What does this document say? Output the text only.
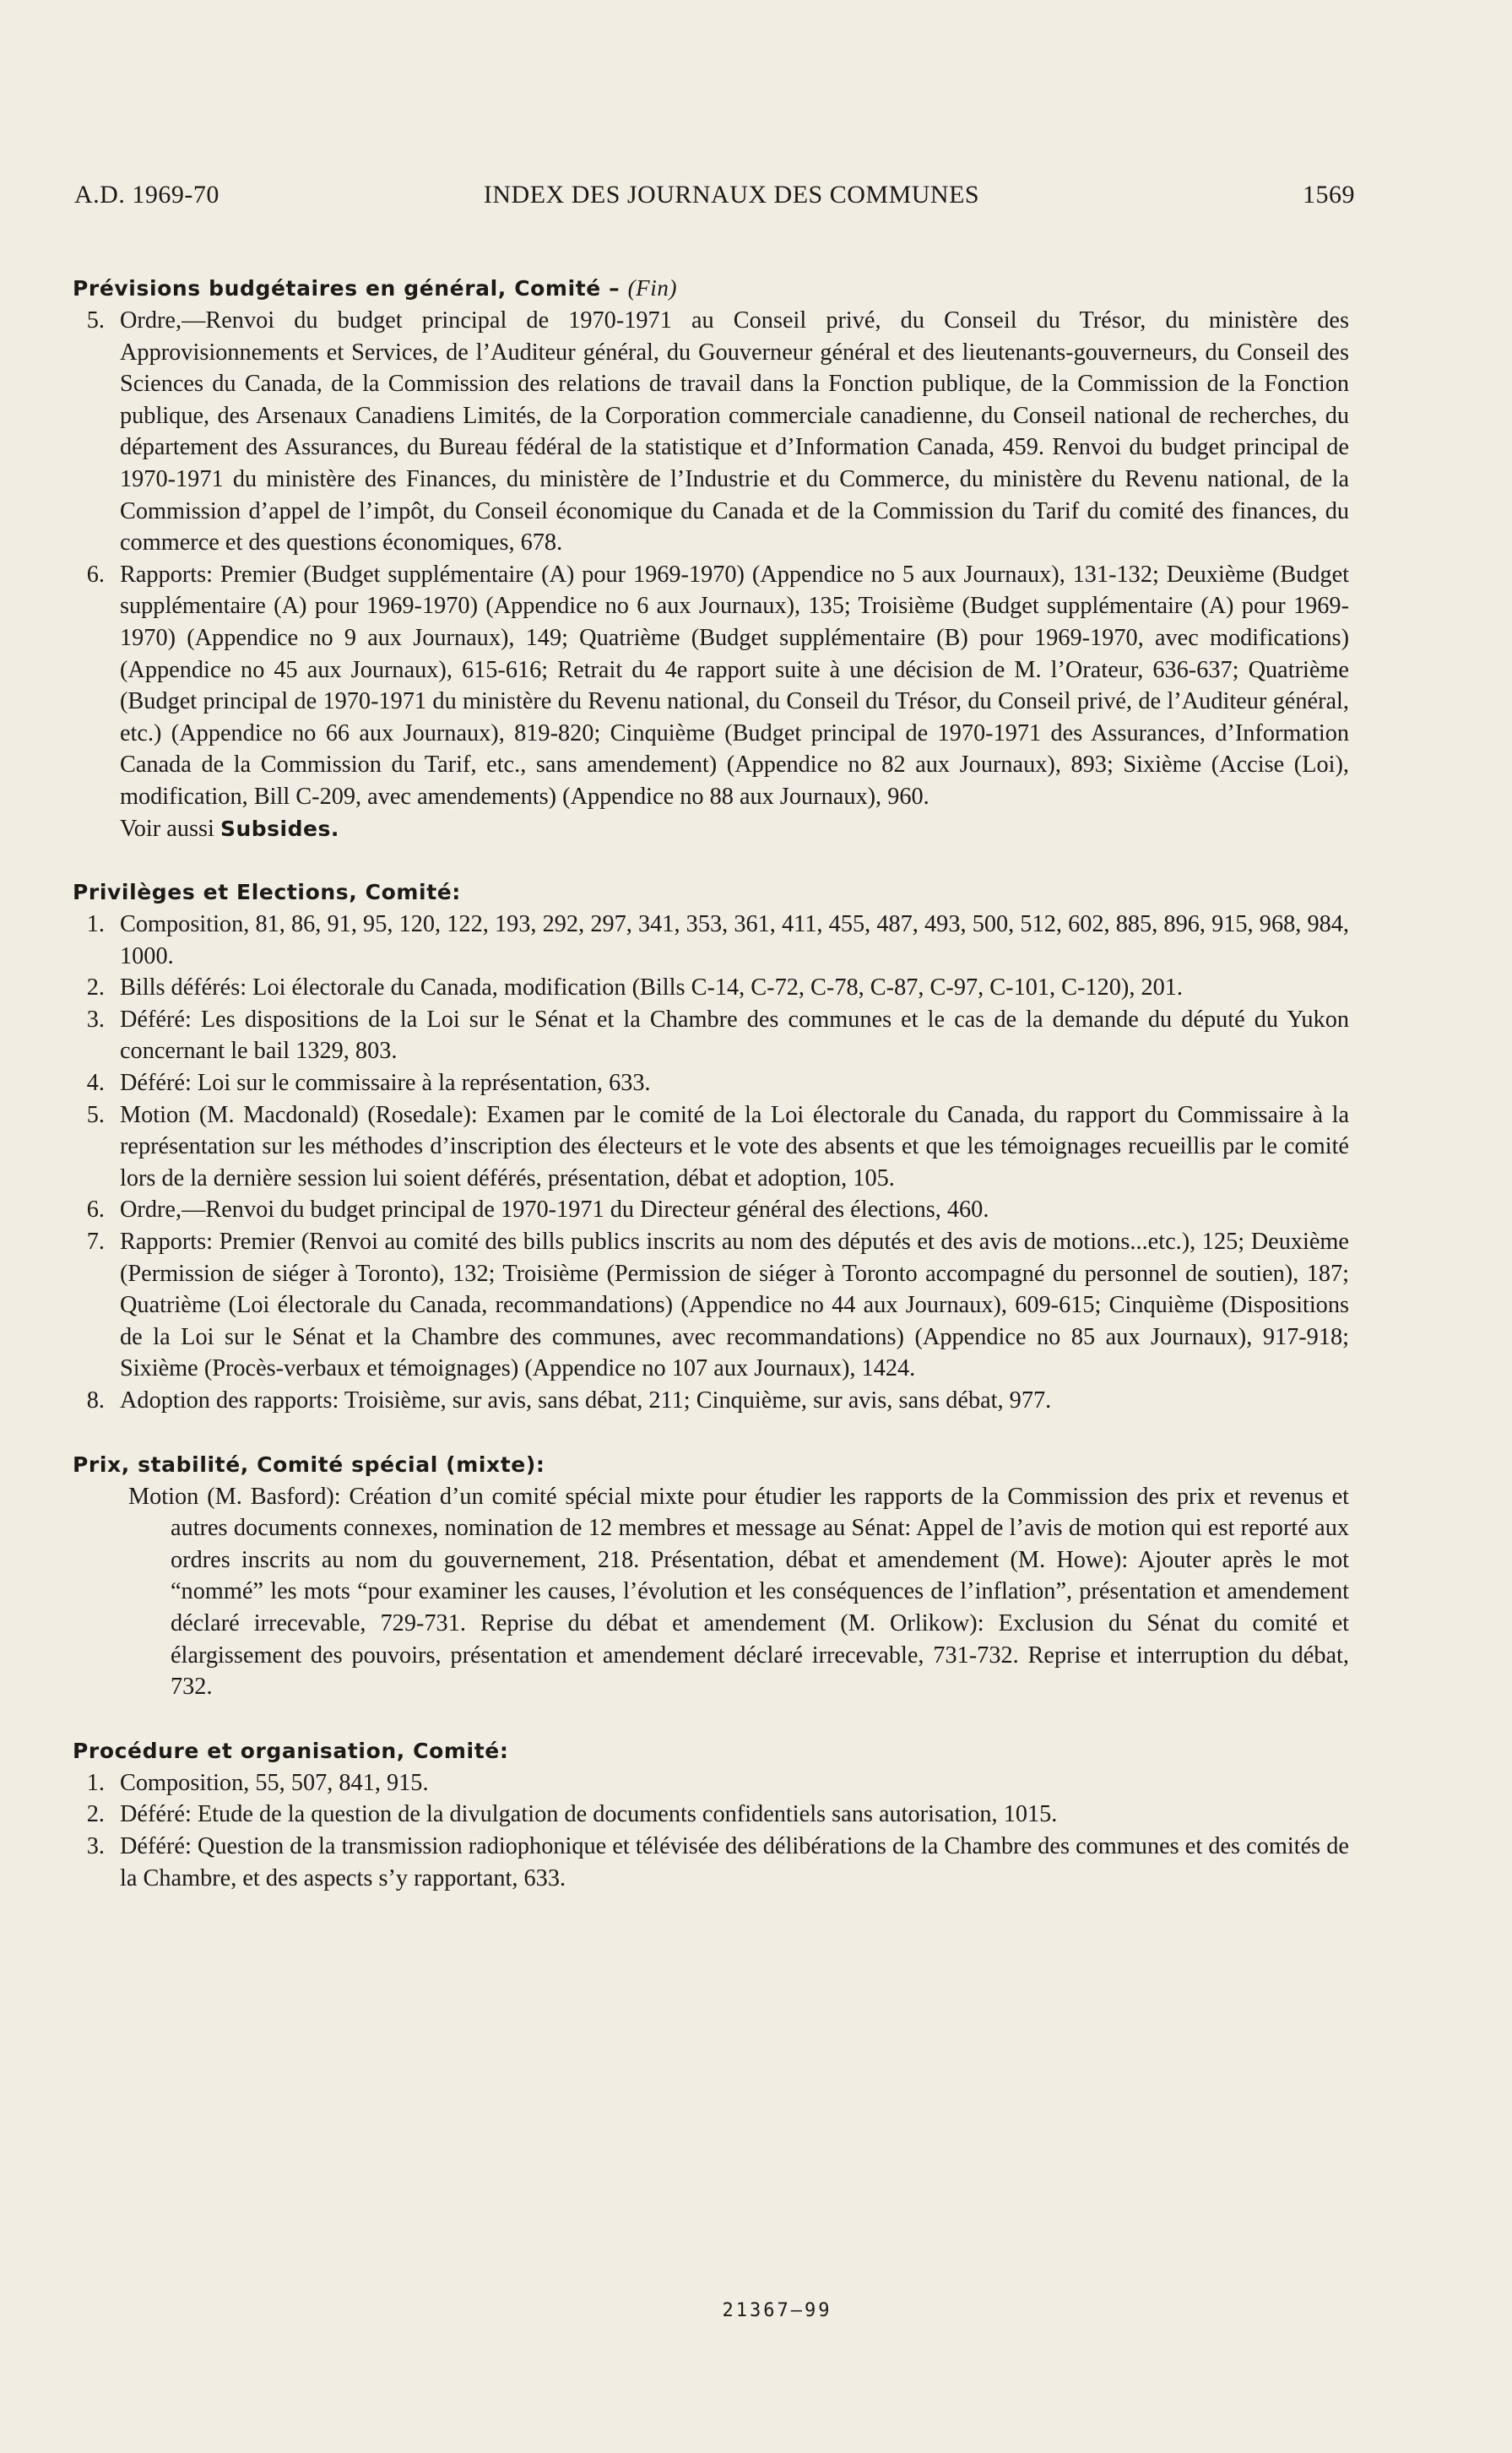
A.D. 1969-70	INDEX DES JOURNAUX DES COMMUNES	1569
Prévisions budgétaires en général, Comité – (Fin)
5. Ordre,—Renvoi du budget principal de 1970-1971 au Conseil privé, du Conseil du Trésor, du ministère des Approvisionnements et Services, de l’Auditeur général, du Gouverneur général et des lieutenants-gouverneurs, du Conseil des Sciences du Canada, de la Commission des relations de travail dans la Fonction publique, de la Commission de la Fonction publique, des Arsenaux Canadiens Limités, de la Corporation commerciale canadienne, du Conseil national de recherches, du département des Assurances, du Bureau fédéral de la statistique et d’Information Canada, 459. Renvoi du budget principal de 1970-1971 du ministère des Finances, du ministère de l’Industrie et du Commerce, du ministère du Revenu national, de la Commission d’appel de l’impôt, du Conseil économique du Canada et de la Commission du Tarif du comité des finances, du commerce et des questions économiques, 678.
6. Rapports: Premier (Budget supplémentaire (A) pour 1969-1970) (Appendice no 5 aux Journaux), 131-132; Deuxième (Budget supplémentaire (A) pour 1969-1970) (Appendice no 6 aux Journaux), 135; Troisième (Budget supplémentaire (A) pour 1969-1970) (Appendice no 9 aux Journaux), 149; Quatrième (Budget supplémentaire (B) pour 1969-1970, avec modifications) (Appendice no 45 aux Journaux), 615-616; Retrait du 4e rapport suite à une décision de M. l’Orateur, 636-637; Quatrième (Budget principal de 1970-1971 du ministère du Revenu national, du Conseil du Trésor, du Conseil privé, de l’Auditeur général, etc.) (Appendice no 66 aux Journaux), 819-820; Cinquième (Budget principal de 1970-1971 des Assurances, d’Information Canada de la Commission du Tarif, etc., sans amendement) (Appendice no 82 aux Journaux), 893; Sixième (Accise (Loi), modification, Bill C-209, avec amendements) (Appendice no 88 aux Journaux), 960.
Voir aussi Subsides.
Privilèges et Elections, Comité:
1. Composition, 81, 86, 91, 95, 120, 122, 193, 292, 297, 341, 353, 361, 411, 455, 487, 493, 500, 512, 602, 885, 896, 915, 968, 984, 1000.
2. Bills déférés: Loi électorale du Canada, modification (Bills C-14, C-72, C-78, C-87, C-97, C-101, C-120), 201.
3. Déféré: Les dispositions de la Loi sur le Sénat et la Chambre des communes et le cas de la demande du député du Yukon concernant le bail 1329, 803.
4. Déféré: Loi sur le commissaire à la représentation, 633.
5. Motion (M. Macdonald) (Rosedale): Examen par le comité de la Loi électorale du Canada, du rapport du Commissaire à la représentation sur les méthodes d’inscription des électeurs et le vote des absents et que les témoignages recueillis par le comité lors de la dernière session lui soient déférés, présentation, débat et adoption, 105.
6. Ordre,—Renvoi du budget principal de 1970-1971 du Directeur général des élections, 460.
7. Rapports: Premier (Renvoi au comité des bills publics inscrits au nom des députés et des avis de motions...etc.), 125; Deuxième (Permission de siéger à Toronto), 132; Troisième (Permission de siéger à Toronto accompagné du personnel de soutien), 187; Quatrième (Loi électorale du Canada, recommandations) (Appendice no 44 aux Journaux), 609-615; Cinquième (Dispositions de la Loi sur le Sénat et la Chambre des communes, avec recommandations) (Appendice no 85 aux Journaux), 917-918; Sixième (Procès-verbaux et témoignages) (Appendice no 107 aux Journaux), 1424.
8. Adoption des rapports: Troisième, sur avis, sans débat, 211; Cinquième, sur avis, sans débat, 977.
Prix, stabilité, Comité spécial (mixte):
Motion (M. Basford): Création d’un comité spécial mixte pour étudier les rapports de la Commission des prix et revenus et autres documents connexes, nomination de 12 membres et message au Sénat: Appel de l’avis de motion qui est reporté aux ordres inscrits au nom du gouvernement, 218. Présentation, débat et amendement (M. Howe): Ajouter après le mot “nommé” les mots “pour examiner les causes, l’évolution et les conséquences de l’inflation”, présentation et amendement déclaré irrecevable, 729-731. Reprise du débat et amendement (M. Orlikow): Exclusion du Sénat du comité et élargissement des pouvoirs, présentation et amendement déclaré irrecevable, 731-732. Reprise et interruption du débat, 732.
Procédure et organisation, Comité:
1. Composition, 55, 507, 841, 915.
2. Déféré: Etude de la question de la divulgation de documents confidentiels sans autorisation, 1015.
3. Déféré: Question de la transmission radiophonique et télévisée des délibérations de la Chambre des communes et des comités de la Chambre, et des aspects s’y rapportant, 633.
21367—99
